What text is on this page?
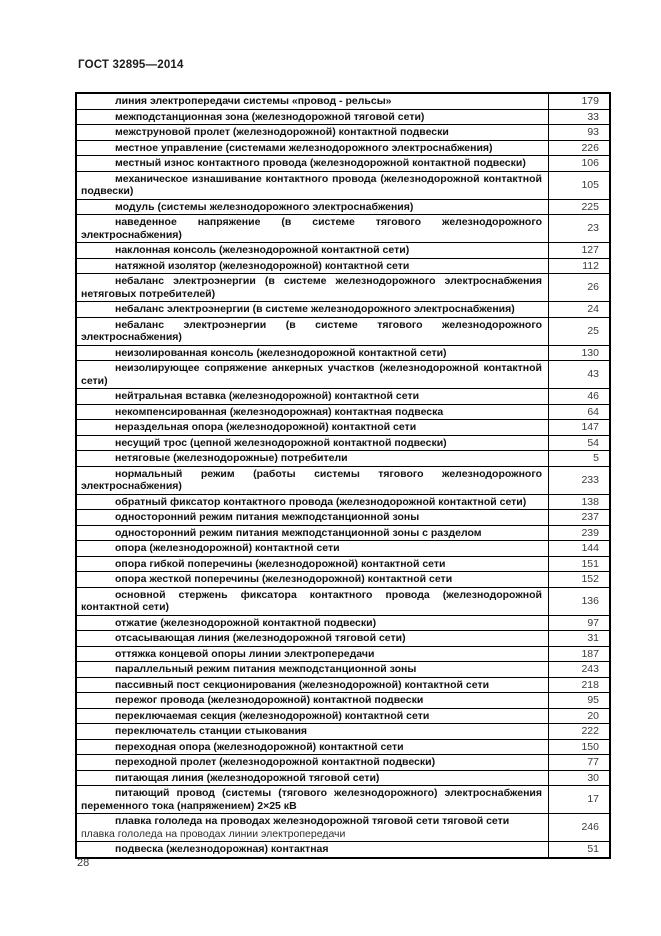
ГОСТ 32895—2014
линия электропередачи системы «провод - рельсы»	179
межподстанционная зона (железнодорожной тяговой сети)	33
межструновой пролет (железнодорожной) контактной подвески	93
местное управление (системами железнодорожного электроснабжения)	226
местный износ контактного провода (железнодорожной контактной подвески)	106
механическое изнашивание контактного провода (железнодорожной контактной подвески)	105
модуль (системы железнодорожного электроснабжения)	225
наведенное напряжение (в системе тягового железнодорожного электроснабжения)	23
наклонная консоль (железнодорожной контактной сети)	127
натяжной изолятор (железнодорожной) контактной сети	112
небаланс электроэнергии (в системе железнодорожного электроснабжения нетяговых потребителей)	26
небаланс электроэнергии (в системе железнодорожного электроснабжения)	24
небаланс электроэнергии (в системе тягового железнодорожного электроснабжения)	25
неизолированная консоль (железнодорожной контактной сети)	130
неизолирующее сопряжение анкерных участков (железнодорожной контактной сети)	43
нейтральная вставка (железнодорожной) контактной сети	46
некомпенсированная (железнодорожная) контактная подвеска	64
нераздельная опора (железнодорожной) контактной сети	147
несущий трос (цепной железнодорожной контактной подвески)	54
нетяговые (железнодорожные) потребители	5
нормальный режим (работы системы тягового железнодорожного электроснабжения)	233
обратный фиксатор контактного провода (железнодорожной контактной сети)	138
односторонний режим питания межподстанционной зоны	237
односторонний режим питания межподстанционной зоны с разделом	239
опора (железнодорожной) контактной сети	144
опора гибкой поперечины (железнодорожной) контактной сети	151
опора жесткой поперечины (железнодорожной) контактной сети	152
основной стержень фиксатора контактного провода (железнодорожной контактной сети)	136
отжатие (железнодорожной контактной подвески)	97
отсасывающая линия (железнодорожной тяговой сети)	31
оттяжка концевой опоры линии электропередачи	187
параллельный режим питания межподстанционной зоны	243
пассивный пост секционирования (железнодорожной) контактной сети	218
пережог провода (железнодорожной) контактной подвески	95
переключаемая секция (железнодорожной) контактной сети	20
переключатель станции стыкования	222
переходная опора (железнодорожной) контактной сети	150
переходной пролет (железнодорожной контактной подвески)	77
питающая линия (железнодорожной тяговой сети)	30
питающий провод (системы (тягового железнодорожного) электроснабжения переменного тока (напряжением) 2×25 кВ	17
плавка гололеда на проводах железнодорожной тяговой сети тяговой сети
плавка гололеда на проводах линии электропередачи	246
подвеска (железнодорожная) контактная	51
28
